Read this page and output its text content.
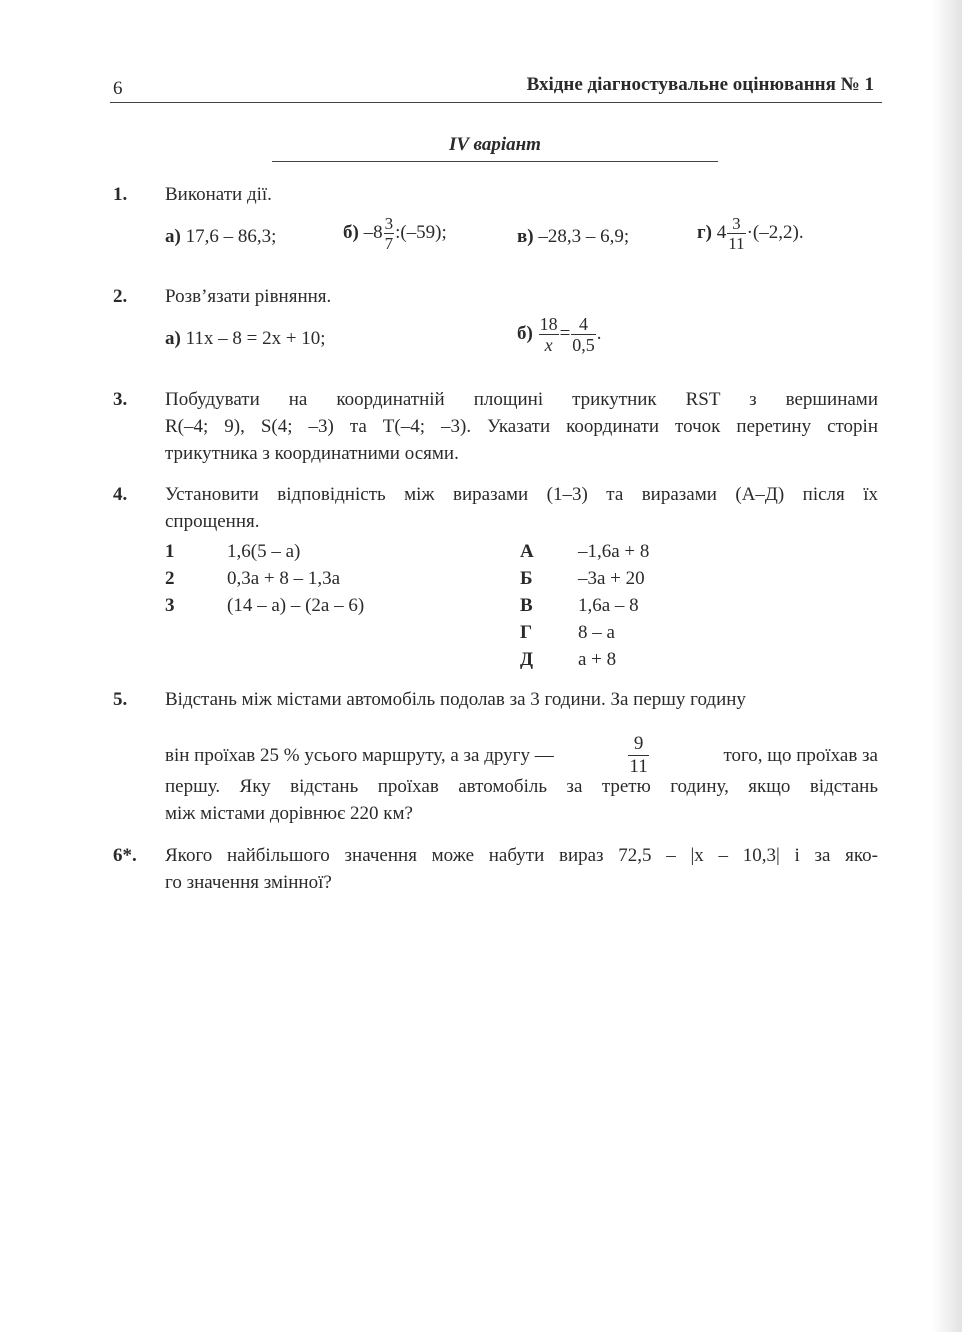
6	Вхідне діагностувальне оцінювання № 1
IV варіант
1. Виконати дії.
а) 17,6 – 86,3;	б) $-8 \frac{3}{7}$ :(–59);	в) –28,3 – 6,9;	г) $4 \frac{3}{11} \cdot(-2,2)$.
2. Розв’язати рівняння.
а) 11x – 8 = 2x + 10;	$б) \frac{18}{x} = \frac{4}{0,5}$ .
3. Побудувати на координатній площині трикутник RST з вершинами
R(–4; 9), S(4; –3) та T(–4; –3). Указати координати точок перетину сторін
трикутника з координатними осями.
4. Установити відповідність між виразами (1–3) та виразами (А–Д) після їх
спрощення.
1	1,6(5 – a)
2	0,3a + 8 – 1,3a
3	(14 – a) – (2a – 6)
А –1,6a + 8
Б –3a + 20
В 1,6a – 8
Г 8 – a
Д a + 8
5. Відстань між містами автомобіль подолав за 3 години. За першу годину
він проїхав 25 % усього маршруту, а за другу —	$\frac{9}{11}$	того, що проїхав за
першу. Яку відстань проїхав автомобіль за третю годину, якщо відстань
між містами дорівнює 220 км?
6*. Якого найбільшого значення може набути вираз 72,5 – |x – 10,3| і за яко-
го значення змінної?
